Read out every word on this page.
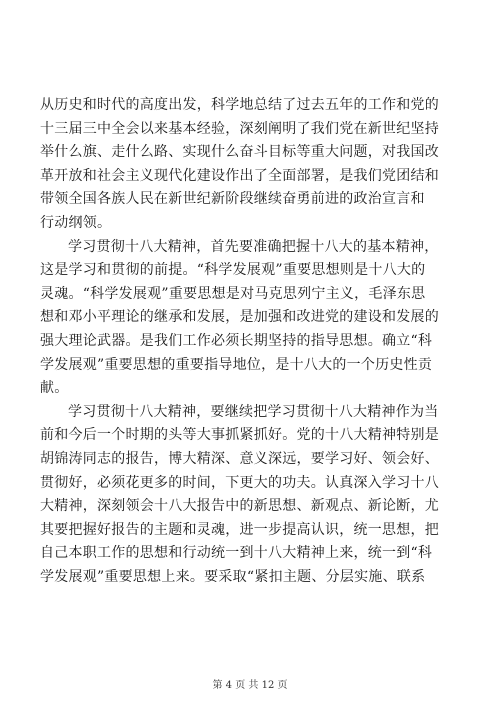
从历史和时代的高度出发，科学地总结了过去五年的工作和党的
十三届三中全会以来基本经验，深刻阐明了我们党在新世纪坚持
举什么旗、走什么路、实现什么奋斗目标等重大问题，对我国改
革开放和社会主义现代化建设作出了全面部署，是我们党团结和
带领全国各族人民在新世纪新阶段继续奋勇前进的政治宣言和
行动纲领。
学习贯彻十八大精神，首先要准确把握十八大的基本精神，
这是学习和贯彻的前提。“科学发展观”重要思想则是十八大的
灵魂。“科学发展观”重要思想是对马克思列宁主义，毛泽东思
想和邓小平理论的继承和发展，是加强和改进党的建设和发展的
强大理论武器。是我们工作必须长期坚持的指导思想。确立“科
学发展观”重要思想的重要指导地位，是十八大的一个历史性贡
献。
学习贯彻十八大精神，要继续把学习贯彻十八大精神作为当
前和今后一个时期的头等大事抓紧抓好。党的十八大精神特别是
胡锦涛同志的报告，博大精深、意义深远，要学习好、领会好、
贯彻好，必须花更多的时间，下更大的功夫。认真深入学习十八
大精神，深刻领会十八大报告中的新思想、新观点、新论断，尤
其要把握好报告的主题和灵魂，进一步提高认识，统一思想，把
自己本职工作的思想和行动统一到十八大精神上来，统一到“科
学发展观”重要思想上来。要采取“紧扣主题、分层实施、联系
第 4 页 共 12 页
